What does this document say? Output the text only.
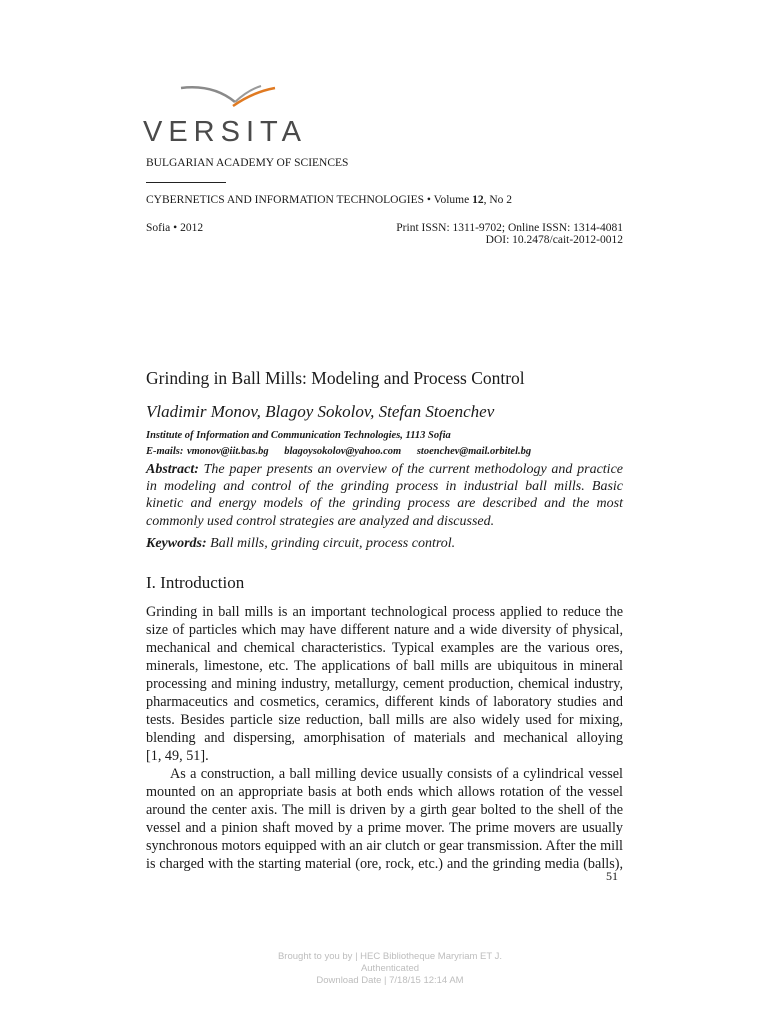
VERSITA
BULGARIAN ACADEMY OF SCIENCES
CYBERNETICS AND INFORMATION TECHNOLOGIES • Volume 12, No 2
Sofia • 2012	Print ISSN: 1311-9702; Online ISSN: 1314-4081
DOI: 10.2478/cait-2012-0012
Grinding in Ball Mills: Modeling and Process Control
Vladimir Monov, Blagoy Sokolov, Stefan Stoenchev
Institute of Information and Communication Technologies, 1113 Sofia
E-mails: vmonov@iit.bas.bg blagoysokolov@yahoo.com stoenchev@mail.orbitel.bg
Abstract: The paper presents an overview of the current methodology and practice
in modeling and control of the grinding process in industrial ball mills. Basic
kinetic and energy models of the grinding process are described and the most
commonly used control strategies are analyzed and discussed.
Keywords: Ball mills, grinding circuit, process control.
I. Introduction
Grinding in ball mills is an important technological process applied to reduce the
size of particles which may have different nature and a wide diversity of physical,
mechanical and chemical characteristics. Typical examples are the various ores,
minerals, limestone, etc. The applications of ball mills are ubiquitous in mineral
processing and mining industry, metallurgy, cement production, chemical industry,
pharmaceutics and cosmetics, ceramics, different kinds of laboratory studies and
tests. Besides particle size reduction, ball mills are also widely used for mixing,
blending and dispersing, amorphisation of materials and mechanical alloying
[1, 49, 51].
As a construction, a ball milling device usually consists of a cylindrical vessel
mounted on an appropriate basis at both ends which allows rotation of the vessel
around the center axis. The mill is driven by a girth gear bolted to the shell of the
vessel and a pinion shaft moved by a prime mover. The prime movers are usually
synchronous motors equipped with an air clutch or gear transmission. After the mill
is charged with the starting material (ore, rock, etc.) and the grinding media (balls),
51
Brought to you by | HEC Bibliotheque Maryriam ET J.
Authenticated
Download Date | 7/18/15 12:14 AM
